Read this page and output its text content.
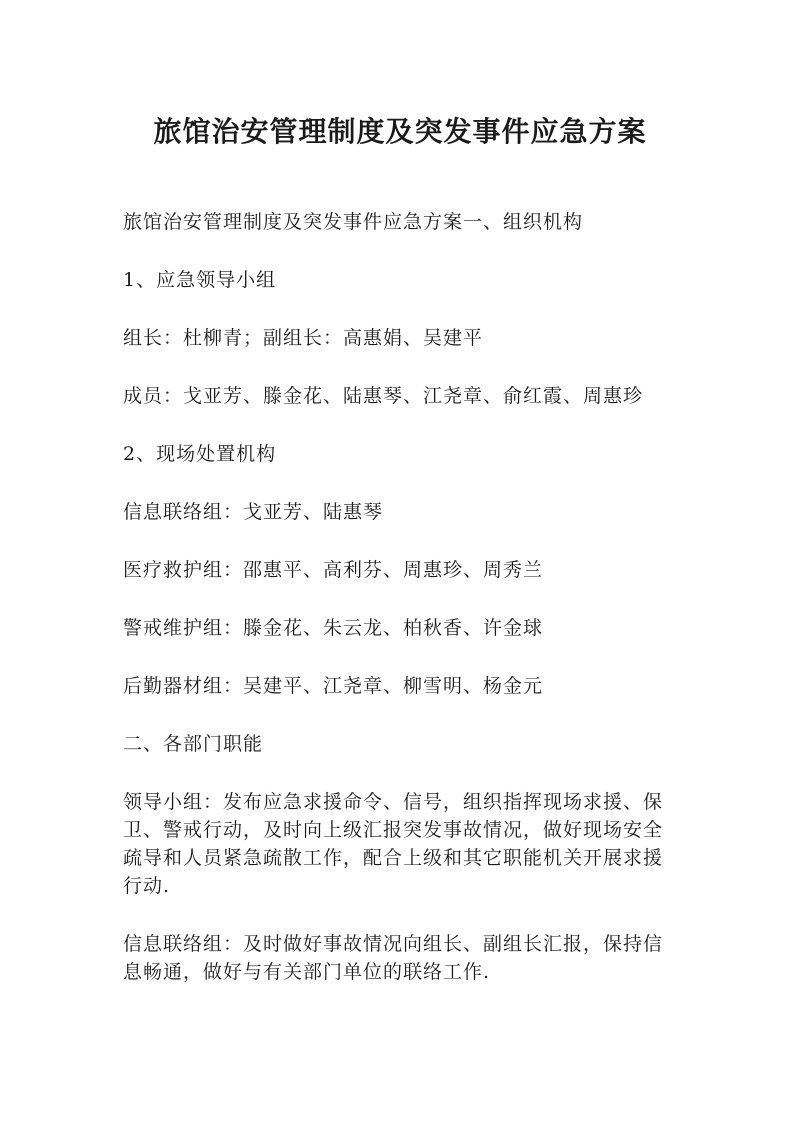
旅馆治安管理制度及突发事件应急方案

旅馆治安管理制度及突发事件应急方案一、组织机构

1、应急领导小组

组长：杜柳青；副组长：高惠娟、吴建平

成员：戈亚芳、滕金花、陆惠琴、江尧章、俞红霞、周惠珍

2、现场处置机构

信息联络组：戈亚芳、陆惠琴

医疗救护组：邵惠平、高利芬、周惠珍、周秀兰

警戒维护组：滕金花、朱云龙、柏秋香、许金球

后勤器材组：吴建平、江尧章、柳雪明、杨金元

二、各部门职能

领导小组：发布应急求援命令、信号，组织指挥现场求援、保卫、警戒行动，及时向上级汇报突发事故情况，做好现场安全疏导和人员紧急疏散工作，配合上级和其它职能机关开展求援行动.

信息联络组：及时做好事故情况向组长、副组长汇报，保持信息畅通，做好与有关部门单位的联络工作.
